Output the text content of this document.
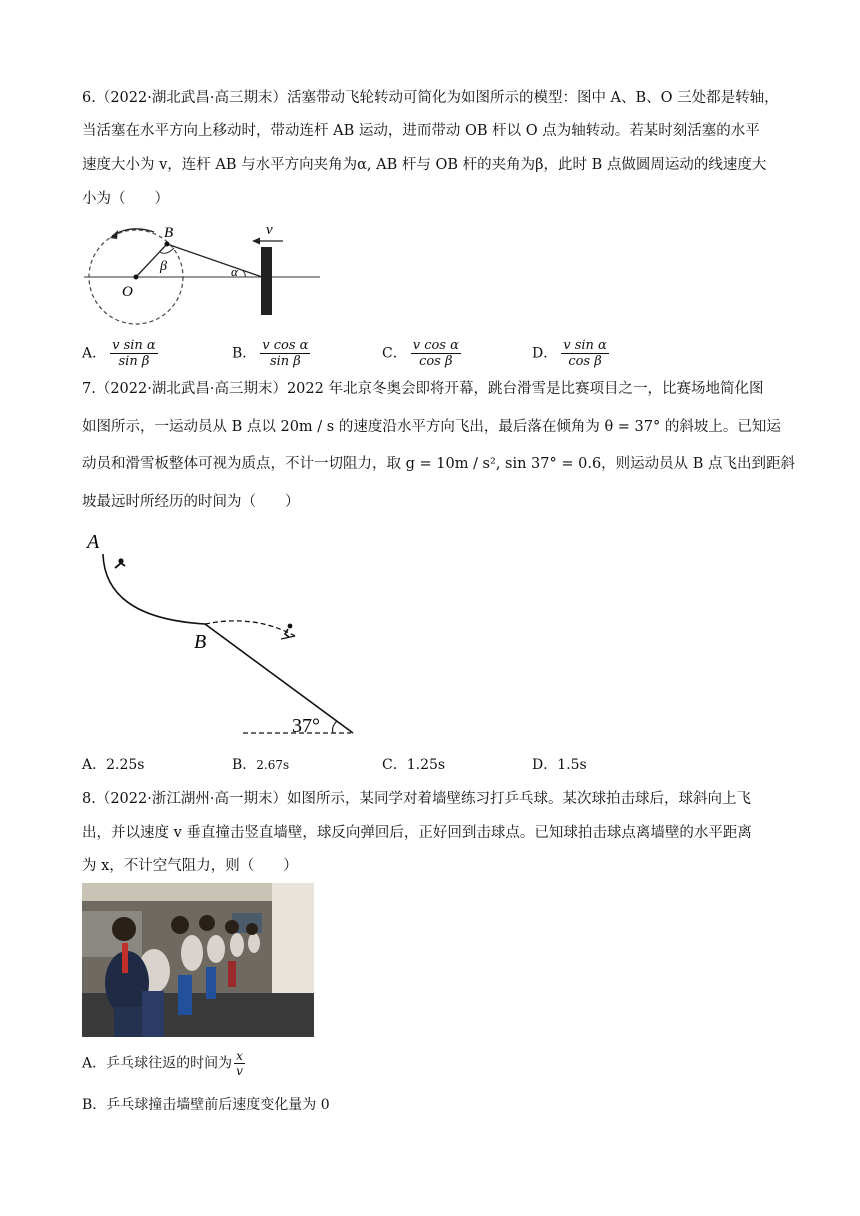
6.（2022·湖北武昌·高三期末）活塞带动飞轮转动可简化为如图所示的模型：图中 A、B、O 三处都是转轴，
当活塞在水平方向上移动时，带动连杆 AB 运动，进而带动 OB 杆以 O 点为轴转动。若某时刻活塞的水平
速度大小为 v，连杆 AB 与水平方向夹角为α, AB 杆与 OB 杆的夹角为β，此时 B 点做圆周运动的线速度大
小为（　　）
B
O
β	α
v
A． $\frac{\text{v sin α}}{\text{sin β}}$	B． $\frac{\text{v cos α}}{\text{sin β}}$	C． $\frac{\text{v cos α}}{\text{cos β}}$	D． $\frac{\text{v sin α}}{\text{cos β}}$
7.（2022·湖北武昌·高三期末）2022 年北京冬奥会即将开幕，跳台滑雪是比赛项目之一，比赛场地简化图
如图所示，一运动员从 B 点以 20m / s 的速度沿水平方向飞出，最后落在倾角为 θ = 37° 的斜坡上。已知运
动员和滑雪板整体可视为质点，不计一切阻力，取 g = 10m / s², sin 37° = 0.6，则运动员从 B 点飞出到距斜
坡最远时所经历的时间为（　　）
A
B
37°
A．2.25s	B．2.67s	C．1.25s	D．1.5s
8.（2022·浙江湖州·高一期末）如图所示，某同学对着墙壁练习打乒乓球。某次球拍击球后，球斜向上飞
出，并以速度 v 垂直撞击竖直墙壁，球反向弹回后，正好回到击球点。已知球拍击球点离墙壁的水平距离
为 x，不计空气阻力，则（　　）
A．乒乓球往返的时间为 $\frac{x}{v}$
B．乒乓球撞击墙壁前后速度变化量为 0
